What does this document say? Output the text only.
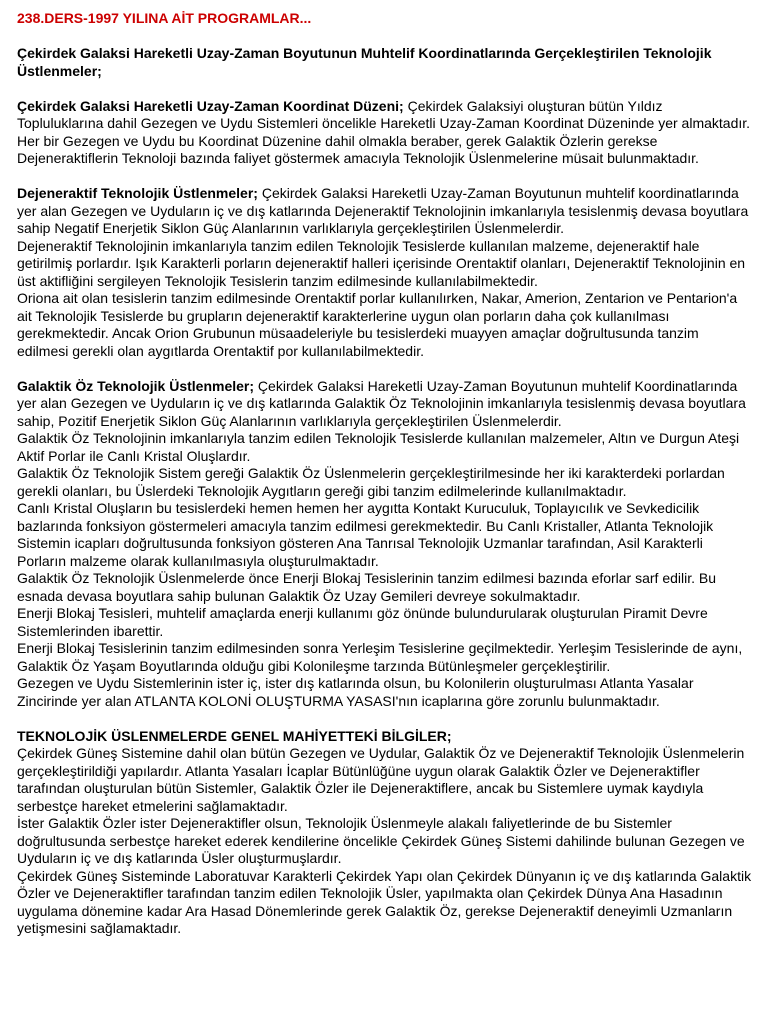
238.DERS-1997 YILINA AİT PROGRAMLAR...

Çekirdek Galaksi Hareketli Uzay-Zaman Boyutunun Muhtelif Koordinatlarında Gerçekleştirilen Teknolojik Üstlenmeler;

Çekirdek Galaksi Hareketli Uzay-Zaman Koordinat Düzeni; Çekirdek Galaksiyi oluşturan bütün Yıldız Topluluklarına dahil Gezegen ve Uydu Sistemleri öncelikle Hareketli Uzay-Zaman Koordinat Düzeninde yer almaktadır. Her bir Gezegen ve Uydu bu Koordinat Düzenine dahil olmakla beraber, gerek Galaktik Özlerin gerekse Dejeneraktiflerin Teknoloji bazında faliyet göstermek amacıyla Teknolojik Üslenmelerine müsait bulunmaktadır.

Dejeneraktif Teknolojik Üstlenmeler; Çekirdek Galaksi Hareketli Uzay-Zaman Boyutunun muhtelif koordinatlarında yer alan Gezegen ve Uyduların iç ve dış katlarında Dejeneraktif Teknolojinin imkanlarıyla tesislenmiş devasa boyutlara sahip Negatif Enerjetik Siklon Güç Alanlarının varlıklarıyla gerçekleştirilen Üslenmelerdir.

Dejeneraktif Teknolojinin imkanlarıyla tanzim edilen Teknolojik Tesislerde kullanılan malzeme, dejeneraktif hale getirilmiş porlardır. Işık Karakterli porların dejeneraktif halleri içerisinde Orentaktif olanları, Dejeneraktif Teknolojinin en üst aktifliğini sergileyen Teknolojik Tesislerin tanzim edilmesinde kullanılabilmektedir.

Oriona ait olan tesislerin tanzim edilmesinde Orentaktif porlar kullanılırken, Nakar, Amerion, Zentarion ve Pentarion'a ait Teknolojik Tesislerde bu grupların dejeneraktif karakterlerine uygun olan porların daha çok kullanılması gerekmektedir. Ancak Orion Grubunun müsaadeleriyle bu tesislerdeki muayyen amaçlar doğrultusunda tanzim edilmesi gerekli olan aygıtlarda Orentaktif por kullanılabilmektedir.

Galaktik Öz Teknolojik Üstlenmeler; Çekirdek Galaksi Hareketli Uzay-Zaman Boyutunun muhtelif Koordinatlarında yer alan Gezegen ve Uyduların iç ve dış katlarında Galaktik Öz Teknolojinin imkanlarıyla tesislenmiş devasa boyutlara sahip, Pozitif Enerjetik Siklon Güç Alanlarının varlıklarıyla gerçekleştirilen Üslenmelerdir.

Galaktik Öz Teknolojinin imkanlarıyla tanzim edilen Teknolojik Tesislerde kullanılan malzemeler, Altın ve Durgun Ateşi Aktif Porlar ile Canlı Kristal Oluşlardır.

Galaktik Öz Teknolojik Sistem gereği Galaktik Öz Üslenmelerin gerçekleştirilmesinde her iki karakterdeki porlardan gerekli olanları, bu Üslerdeki Teknolojik Aygıtların gereği gibi tanzim edilmelerinde kullanılmaktadır.

Canlı Kristal Oluşların bu tesislerdeki hemen hemen her aygıtta Kontakt Kuruculuk, Toplayıcılık ve Sevkedicilik bazlarında fonksiyon göstermeleri amacıyla tanzim edilmesi gerekmektedir. Bu Canlı Kristaller, Atlanta Teknolojik Sistemin icapları doğrultusunda fonksiyon gösteren Ana Tanrısal Teknolojik Uzmanlar tarafından, Asil Karakterli Porların malzeme olarak kullanılmasıyla oluşturulmaktadır.

Galaktik Öz Teknolojik Üslenmelerde önce Enerji Blokaj Tesislerinin tanzim edilmesi bazında eforlar sarf edilir. Bu esnada devasa boyutlara sahip bulunan Galaktik Öz Uzay Gemileri devreye sokulmaktadır.

Enerji Blokaj Tesisleri, muhtelif amaçlarda enerji kullanımı göz önünde bulundurularak oluşturulan Piramit Devre Sistemlerinden ibarettir.

Enerji Blokaj Tesislerinin tanzim edilmesinden sonra Yerleşim Tesislerine geçilmektedir. Yerleşim Tesislerinde de aynı, Galaktik Öz Yaşam Boyutlarında olduğu gibi Kolonileşme tarzında Bütünleşmeler gerçekleştirilir.

Gezegen ve Uydu Sistemlerinin ister iç, ister dış katlarında olsun, bu Kolonilerin oluşturulması Atlanta Yasalar Zincirinde yer alan ATLANTA KOLONİ OLUŞTURMA YASASI'nın icaplarına göre zorunlu bulunmaktadır.

TEKNOLOJİK ÜSLENMELERDE GENEL MAHİYETTEKİ BİLGİLER;

Çekirdek Güneş Sistemine dahil olan bütün Gezegen ve Uydular, Galaktik Öz ve Dejeneraktif Teknolojik Üslenmelerin gerçekleştirildiği yapılardır. Atlanta Yasaları İcaplar Bütünlüğüne uygun olarak Galaktik Özler ve Dejeneraktifler tarafından oluşturulan bütün Sistemler, Galaktik Özler ile Dejeneraktiflere, ancak bu Sistemlere uymak kaydıyla serbestçe hareket etmelerini sağlamaktadır.

İster Galaktik Özler ister Dejeneraktifler olsun, Teknolojik Üslenmeyle alakalı faliyetlerinde de bu Sistemler doğrultusunda serbestçe hareket ederek kendilerine öncelikle Çekirdek Güneş Sistemi dahilinde bulunan Gezegen ve Uyduların iç ve dış katlarında Üsler oluşturmuşlardır.

Çekirdek Güneş Sisteminde Laboratuvar Karakterli Çekirdek Yapı olan Çekirdek Dünyanın iç ve dış katlarında Galaktik Özler ve Dejeneraktifler tarafından tanzim edilen Teknolojik Üsler, yapılmakta olan Çekirdek Dünya Ana Hasadının uygulama dönemine kadar Ara Hasad Dönemlerinde gerek Galaktik Öz, gerekse Dejeneraktif deneyimli Uzmanların yetişmesini sağlamaktadır.
